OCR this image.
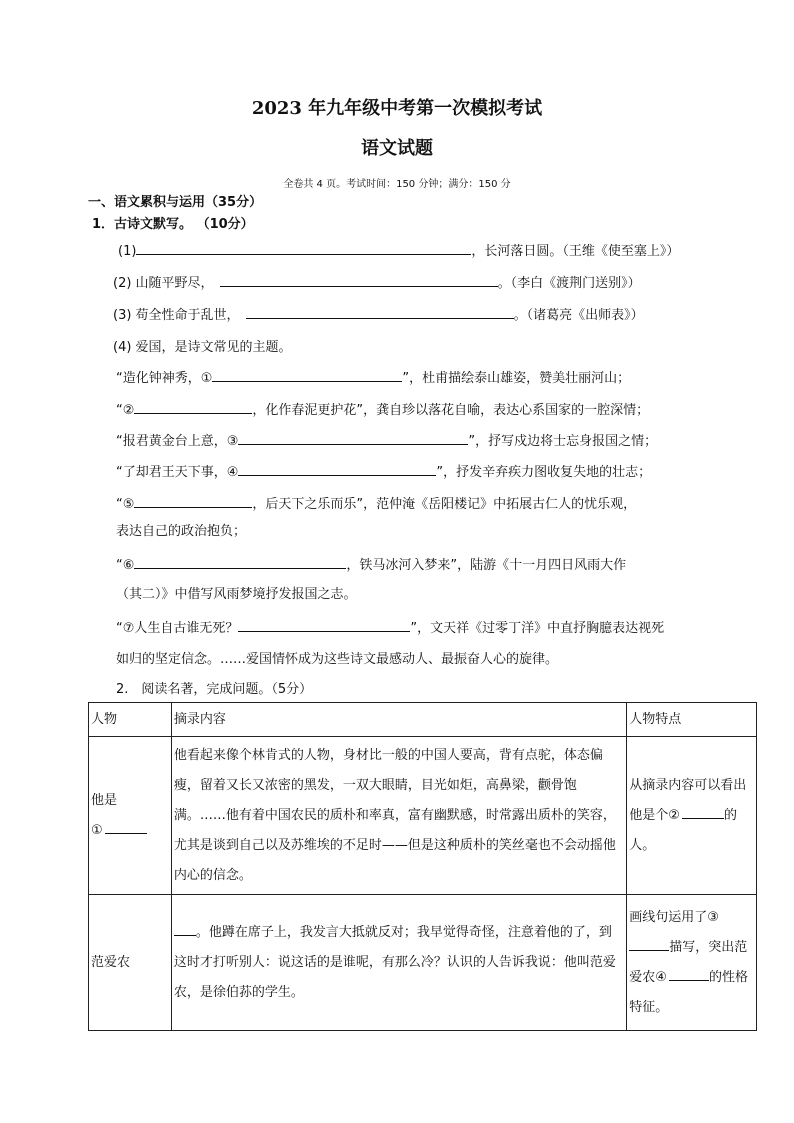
2023 年九年级中考第一次模拟考试
语文试题
全卷共 4 页。考试时间：150 分钟；满分：150 分
一、语文累积与运用（35分）
1．古诗文默写。 （10分）
(1)	，长河落日圆。（王维《使至塞上》）
(2) 山随平野尽，	。（李白《渡荆门送别》）
(3) 苟全性命于乱世，	。（诸葛亮《出师表》）
(4) 爱国，是诗文常见的主题。
“造化钟神秀，①	”，杜甫描绘泰山雄姿，赞美壮丽河山；
“②	，化作春泥更护花”，龚自珍以落花自喻，表达心系国家的一腔深情；
“报君黄金台上意，③	”，抒写戍边将士忘身报国之情；
“了却君王天下事，④	”，抒发辛弃疾力图收复失地的壮志；
“⑤	，后天下之乐而乐”，范仲淹《岳阳楼记》中拓展古仁人的忧乐观，
表达自己的政治抱负；
“⑥	，铁马冰河入梦来”，陆游《十一月四日风雨大作
（其二）》中借写风雨梦境抒发报国之志。
“⑦人生自古谁无死？	”，文天祥《过零丁洋》中直抒胸臆表达视死
如归的坚定信念。……爱国情怀成为这些诗文最感动人、最振奋人心的旋律。
2.　阅读名著，完成问题。（5分）
人物	摘录内容	人物特点

他是
①	他看起来像个林肯式的人物，身材比一般的中国人要高，背有点驼，体态偏瘦，留着又长又浓密的黑发，一双大眼睛，目光如炬，高鼻梁，颧骨饱满。……他有着中国农民的质朴和率真，富有幽默感，时常露出质朴的笑容，尤其是谈到自己以及苏维埃的不足时——但是这种质朴的笑丝毫也不会动摇他内心的信念。	从摘录内容可以看出他是个② 的人。
范爱农	。他蹲在席子上，我发言大抵就反对；我早觉得奇怪，注意着他的了，到这时才打听别人：说这话的是谁呢，有那么冷？认识的人告诉我说：他叫范爱农，是徐伯荪的学生。	画线句运用了③描写，突出范爱农④ 的性格特征。
